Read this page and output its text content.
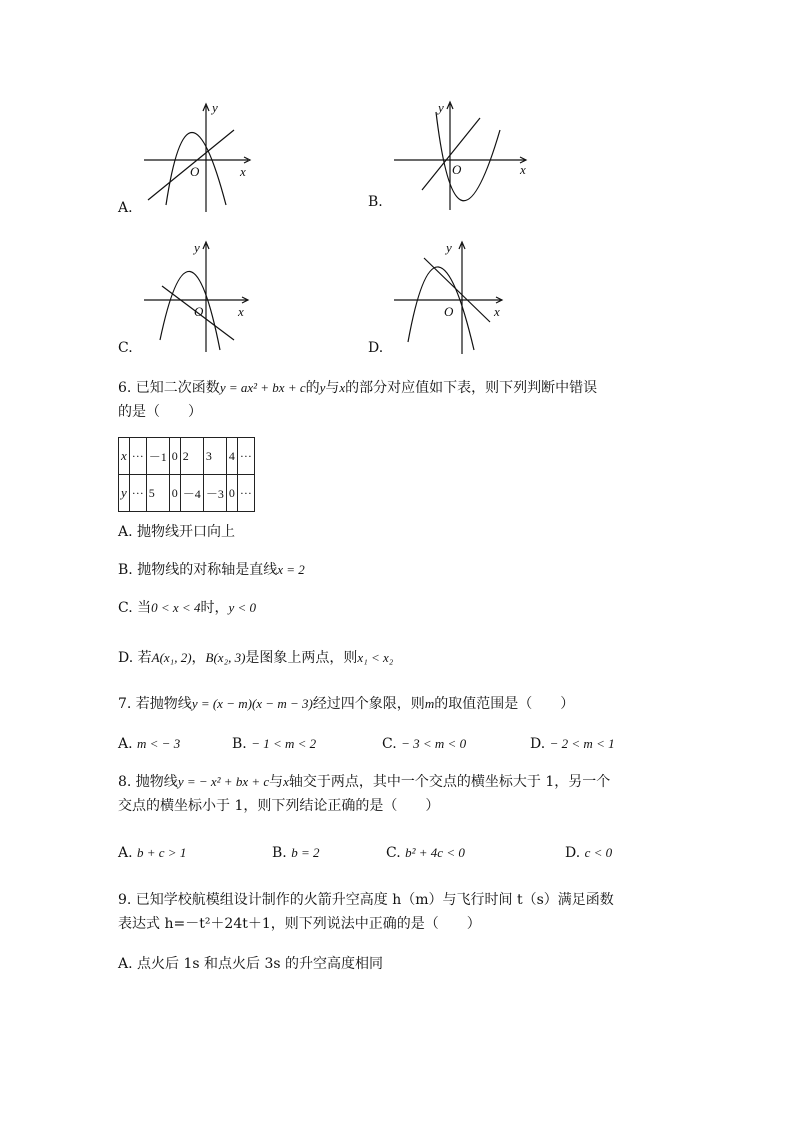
A.
y
x
O
B.
y
x
O
C.
y
x
O
D.
y
x
O
6. 已知二次函数y = ax² + bx + c的y与x的部分对应值如下表，则下列判断中错误
的是（　　）
x	···	－1	0	2	3	4	···
y	···	5	0	－4	－3	0	···
A. 抛物线开口向上
B. 抛物线的对称轴是直线x = 2
C. 当0 < x < 4时，y < 0
D. 若A(x₁, 2)，B(x₂, 3)是图象上两点，则x₁ < x₂
7. 若抛物线y = (x − m)(x − m − 3)经过四个象限，则m的取值范围是（　　）
A. m < − 3	B. − 1 < m < 2	C. − 3 < m < 0	D. − 2 < m < 1
8. 抛物线y = − x² + bx + c与x轴交于两点，其中一个交点的横坐标大于 1，另一个
交点的横坐标小于 1，则下列结论正确的是（　　）
A. b + c > 1	B. b = 2	C. b² + 4c < 0	D. c < 0
9. 已知学校航模组设计制作的火箭升空高度 h（m）与飞行时间 t（s）满足函数
表达式 h=－t²＋24t＋1，则下列说法中正确的是（　　）
A. 点火后 1s 和点火后 3s 的升空高度相同
